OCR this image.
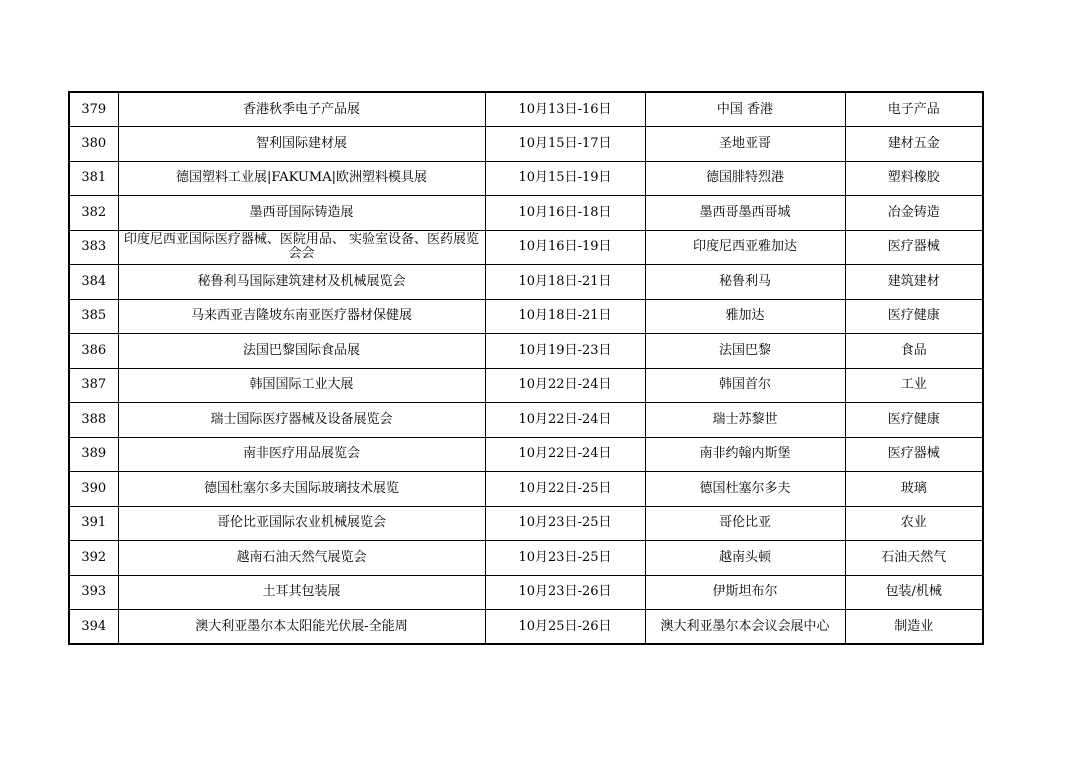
379	香港秋季电子产品展	10月13日-16日	中国 香港	电子产品
380	智利国际建材展	10月15日-17日	圣地亚哥	建材五金
381	德国塑料工业展|FAKUMA|欧洲塑料模具展	10月15日-19日	德国腓特烈港	塑料橡胶
382	墨西哥国际铸造展	10月16日-18日	墨西哥墨西哥城	冶金铸造
383	印度尼西亚国际医疗器械、医院用品、 实验室设备、医药展览会会	10月16日-19日	印度尼西亚雅加达	医疗器械
384	秘鲁利马国际建筑建材及机械展览会	10月18日-21日	秘鲁利马	建筑建材
385	马来西亚吉隆坡东南亚医疗器材保健展	10月18日-21日	雅加达	医疗健康
386	法国巴黎国际食品展	10月19日-23日	法国巴黎	食品
387	韩国国际工业大展	10月22日-24日	韩国首尔	工业
388	瑞士国际医疗器械及设备展览会	10月22日-24日	瑞士苏黎世	医疗健康
389	南非医疗用品展览会	10月22日-24日	南非约翰内斯堡	医疗器械
390	德国杜塞尔多夫国际玻璃技术展览	10月22日-25日	德国杜塞尔多夫	玻璃
391	哥伦比亚国际农业机械展览会	10月23日-25日	哥伦比亚	农业
392	越南石油天然气展览会	10月23日-25日	越南头顿	石油天然气
393	土耳其包装展	10月23日-26日	伊斯坦布尔	包装/机械
394	澳大利亚墨尔本太阳能光伏展-全能周	10月25日-26日	澳大利亚墨尔本会议会展中心	制造业
